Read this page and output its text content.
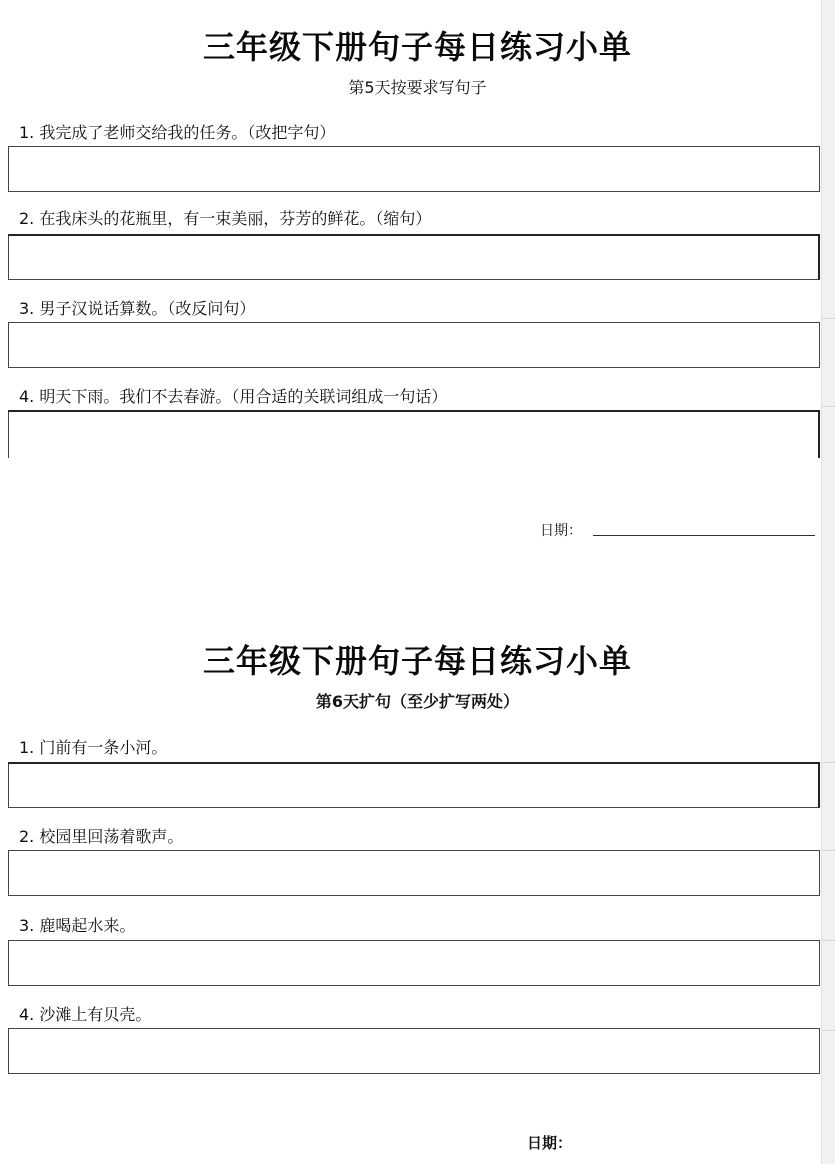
三年级下册句子每日练习小单
第5天按要求写句子
1. 我完成了老师交给我的任务。（改把字句）
2. 在我床头的花瓶里，有一束美丽，芬芳的鲜花。（缩句）
3. 男子汉说话算数。（改反问句）
4. 明天下雨。我们不去春游。（用合适的关联词组成一句话）
日期：
三年级下册句子每日练习小单
第6天扩句（至少扩写两处）
1. 门前有一条小河。
2. 校园里回荡着歌声。
3. 鹿喝起水来。
4. 沙滩上有贝壳。
日期：
